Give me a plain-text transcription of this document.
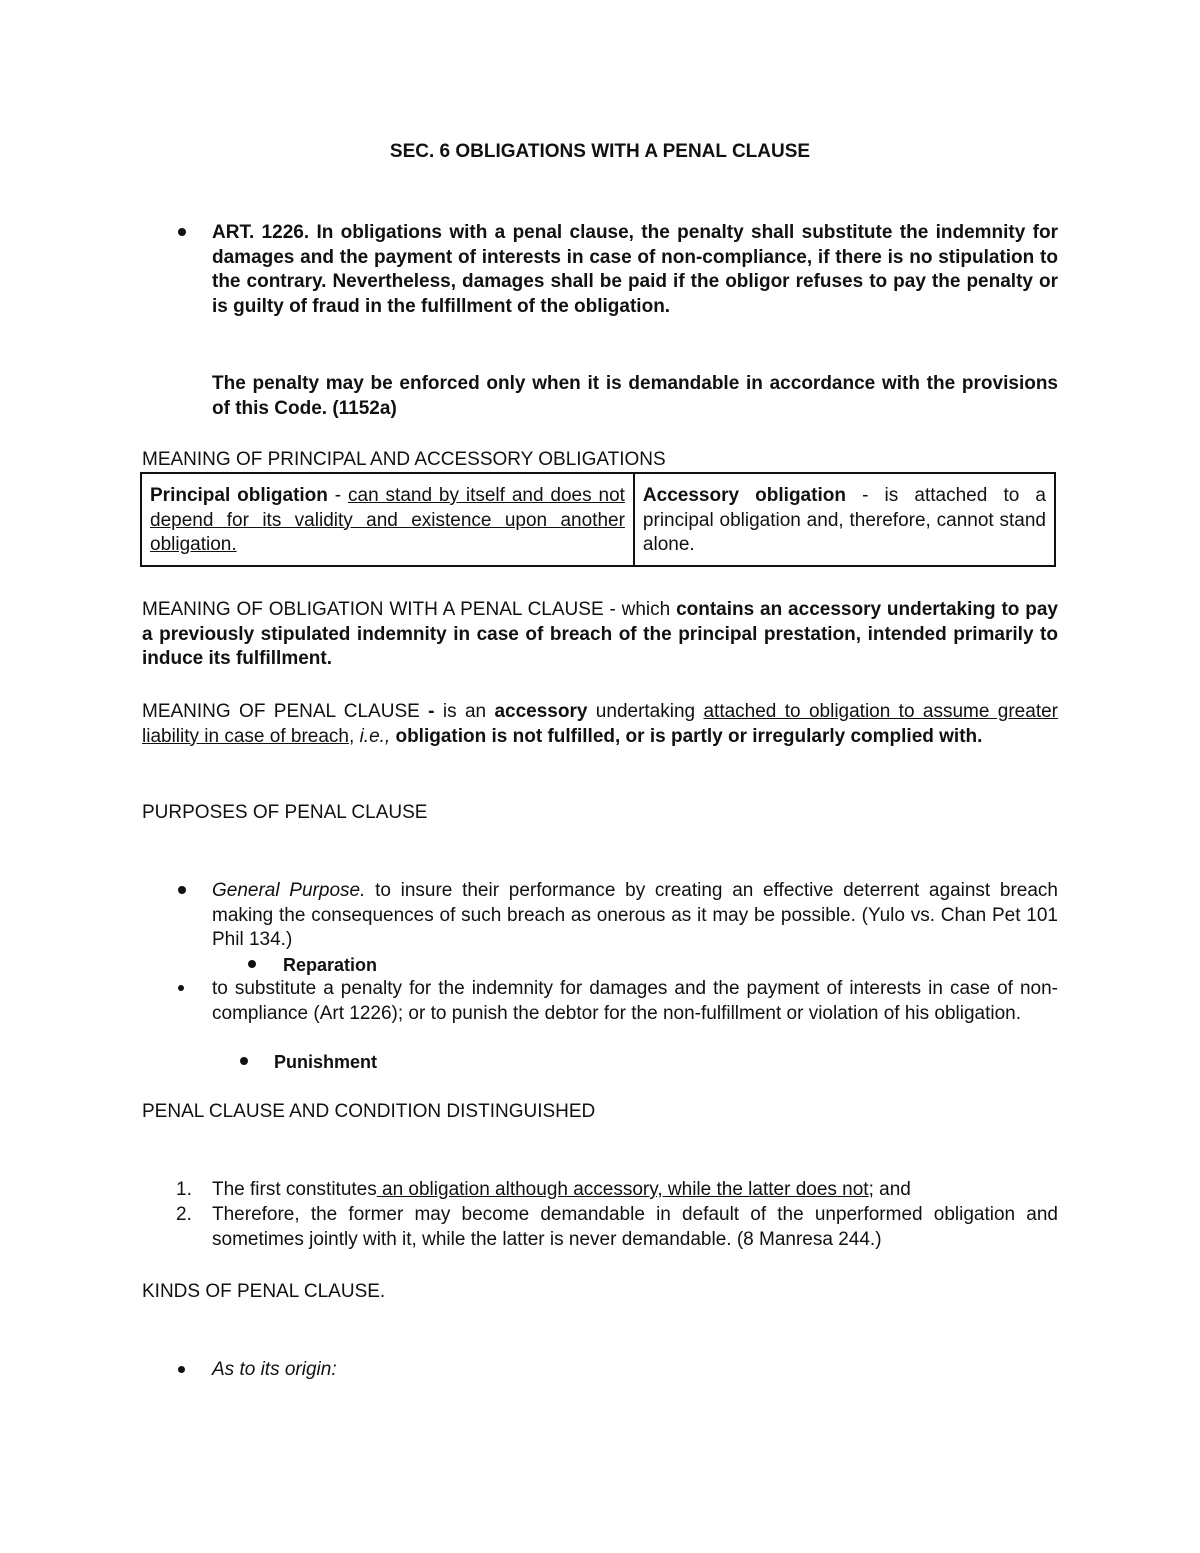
SEC. 6 OBLIGATIONS WITH A PENAL CLAUSE
ART. 1226. In obligations with a penal clause, the penalty shall substitute the indemnity for damages and the payment of interests in case of non-compliance, if there is no stipulation to the contrary. Nevertheless, damages shall be paid if the obligor refuses to pay the penalty or is guilty of fraud in the fulfillment of the obligation.
The penalty may be enforced only when it is demandable in accordance with the provisions of this Code. (1152a)
MEANING OF PRINCIPAL AND ACCESSORY OBLIGATIONS
Principal obligation - can stand by itself and does not depend for its validity and existence upon another obligation.
Accessory obligation - is attached to a principal obligation and, therefore, cannot stand alone.
MEANING OF OBLIGATION WITH A PENAL CLAUSE - which contains an accessory undertaking to pay a previously stipulated indemnity in case of breach of the principal prestation, intended primarily to induce its fulfillment.
MEANING OF PENAL CLAUSE - is an accessory undertaking attached to obligation to assume greater liability in case of breach, i.e., obligation is not fulfilled, or is partly or irregularly complied with.
PURPOSES OF PENAL CLAUSE
General Purpose. to insure their performance by creating an effective deterrent against breach making the consequences of such breach as onerous as it may be possible. (Yulo vs. Chan Pet 101 Phil 134.)
Reparation
to substitute a penalty for the indemnity for damages and the payment of interests in case of non-compliance (Art 1226); or to punish the debtor for the non-fulfillment or violation of his obligation.
Punishment
PENAL CLAUSE AND CONDITION DISTINGUISHED
1.	The first constitutes an obligation although accessory, while the latter does not; and
2.	Therefore, the former may become demandable in default of the unperformed obligation and sometimes jointly with it, while the latter is never demandable. (8 Manresa 244.)
KINDS OF PENAL CLAUSE.
As to its origin:
